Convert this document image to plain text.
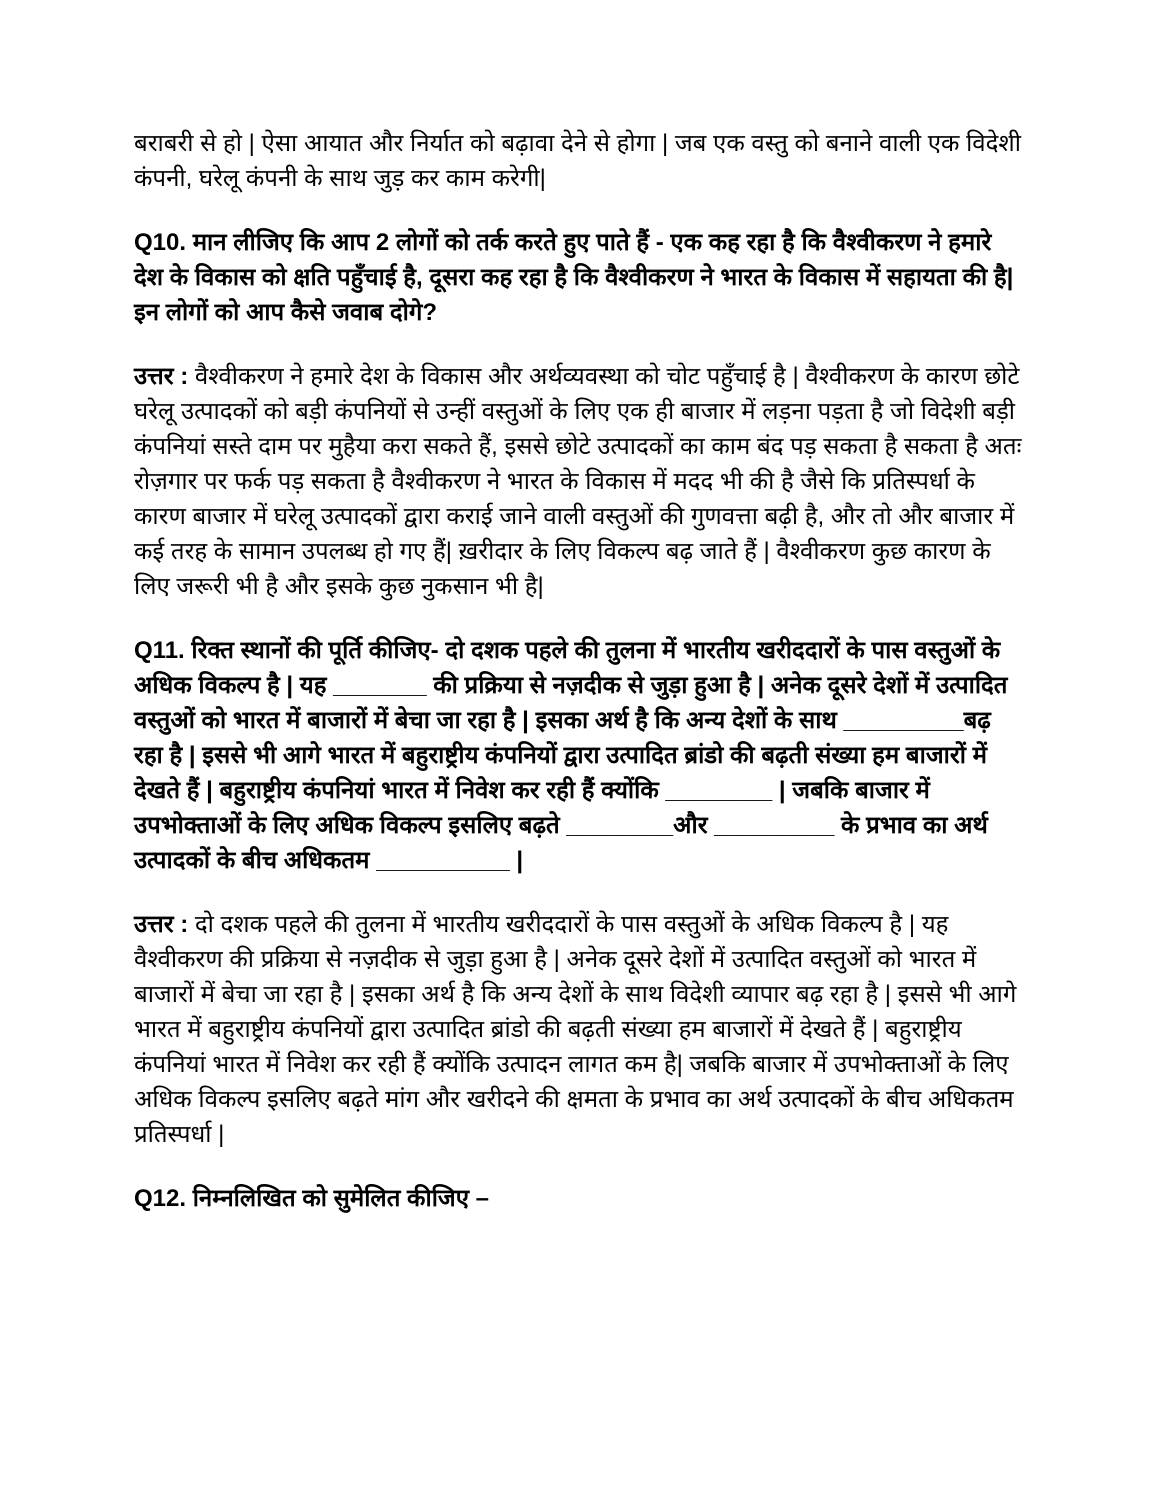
बराबरी से हो | ऐसा आयात और निर्यात को बढ़ावा देने से होगा | जब एक वस्तु को बनाने वाली एक विदेशी कंपनी, घरेलू कंपनी के साथ जुड़ कर काम करेगी|

Q10. मान लीजिए कि आप 2 लोगों को तर्क करते हुए पाते हैं - एक कह रहा है कि वैश्वीकरण ने हमारे देश के विकास को क्षति पहुँचाई है, दूसरा कह रहा है कि वैश्वीकरण ने भारत के विकास में सहायता की है| इन लोगों को आप कैसे जवाब दोगे?

उत्तर : वैश्वीकरण ने हमारे देश के विकास और अर्थव्यवस्था को चोट पहुँचाई है | वैश्वीकरण के कारण छोटे घरेलू उत्पादकों को बड़ी कंपनियों से उन्हीं वस्तुओं के लिए एक ही बाजार में लड़ना पड़ता है जो विदेशी बड़ी कंपनियां सस्ते दाम पर मुहैया करा सकते हैं, इससे छोटे उत्पादकों का काम बंद पड़ सकता है सकता है अतः रोज़गार पर फर्क पड़ सकता है वैश्वीकरण ने भारत के विकास में मदद भी की है जैसे कि प्रतिस्पर्धा के कारण बाजार में घरेलू उत्पादकों द्वारा कराई जाने वाली वस्तुओं की गुणवत्ता बढ़ी है, और तो और बाजार में कई तरह के सामान उपलब्ध हो गए हैं| ख़रीदार के लिए विकल्प बढ़ जाते हैं | वैश्वीकरण कुछ कारण के लिए जरूरी भी है और इसके कुछ नुकसान भी है|

Q11. रिक्त स्थानों की पूर्ति कीजिए- दो दशक पहले की तुलना में भारतीय खरीददारों के पास वस्तुओं के अधिक विकल्प है | यह _______ की प्रक्रिया से नज़दीक से जुड़ा हुआ है | अनेक दूसरे देशों में उत्पादित वस्तुओं को भारत में बाजारों में बेचा जा रहा है | इसका अर्थ है कि अन्य देशों के साथ _________बढ़ रहा है | इससे भी आगे भारत में बहुराष्ट्रीय कंपनियों द्वारा उत्पादित ब्रांडो की बढ़ती संख्या हम बाजारों में देखते हैं | बहुराष्ट्रीय कंपनियां भारत में निवेश कर रही हैं क्योंकि ________ | जबकि बाजार में उपभोक्ताओं के लिए अधिक विकल्प इसलिए बढ़ते ________और _________ के प्रभाव का अर्थ उत्पादकों के बीच अधिकतम __________ |

उत्तर : दो दशक पहले की तुलना में भारतीय खरीददारों के पास वस्तुओं के अधिक विकल्प है | यह वैश्वीकरण की प्रक्रिया से नज़दीक से जुड़ा हुआ है | अनेक दूसरे देशों में उत्पादित वस्तुओं को भारत में बाजारों में बेचा जा रहा है | इसका अर्थ है कि अन्य देशों के साथ विदेशी व्यापार बढ़ रहा है | इससे भी आगे भारत में बहुराष्ट्रीय कंपनियों द्वारा उत्पादित ब्रांडो की बढ़ती संख्या हम बाजारों में देखते हैं | बहुराष्ट्रीय कंपनियां भारत में निवेश कर रही हैं क्योंकि उत्पादन लागत कम है| जबकि बाजार में उपभोक्ताओं के लिए अधिक विकल्प इसलिए बढ़ते मांग और खरीदने की क्षमता के प्रभाव का अर्थ उत्पादकों के बीच अधिकतम प्रतिस्पर्धा |

Q12. निम्नलिखित को सुमेलित कीजिए –
